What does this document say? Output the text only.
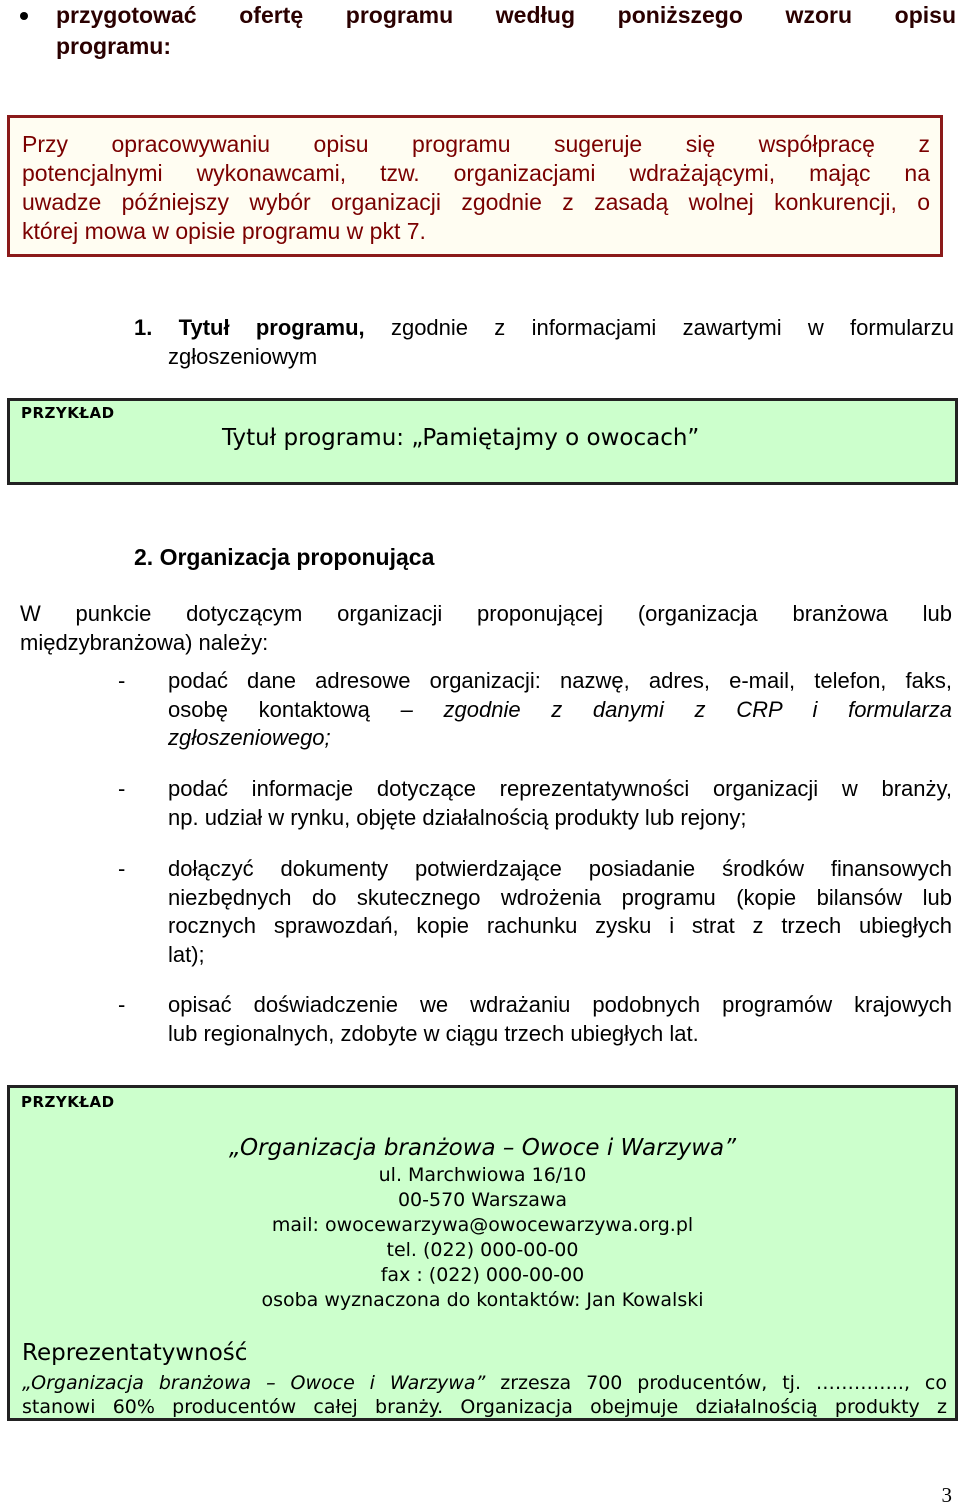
przygotować ofertę programu według poniższego wzoru opisu
programu:
Przy opracowywaniu opisu programu sugeruje się współpracę z
potencjalnymi wykonawcami, tzw. organizacjami wdrażającymi, mając na
uwadze późniejszy wybór organizacji zgodnie z zasadą wolnej konkurencji, o
której mowa w opisie programu w pkt 7.
1. Tytuł programu, zgodnie z informacjami zawartymi w formularzu
zgłoszeniowym
PRZYKŁAD
Tytuł programu: „Pamiętajmy o owocach”
2. Organizacja proponująca
W punkcie dotyczącym organizacji proponującej (organizacja branżowa lub
międzybranżowa) należy:
- podać dane adresowe organizacji: nazwę, adres, e-mail, telefon, faks,
osobę kontaktową – zgodnie z danymi z CRP i formularza
zgłoszeniowego;
- podać informacje dotyczące reprezentatywności organizacji w branży,
np. udział w rynku, objęte działalnością produkty lub rejony;
- dołączyć dokumenty potwierdzające posiadanie środków finansowych
niezbędnych do skutecznego wdrożenia programu (kopie bilansów lub
rocznych sprawozdań, kopie rachunku zysku i strat z trzech ubiegłych
lat);
- opisać doświadczenie we wdrażaniu podobnych programów krajowych
lub regionalnych, zdobyte w ciągu trzech ubiegłych lat.
PRZYKŁAD
„Organizacja branżowa – Owoce i Warzywa”
ul. Marchwiowa 16/10
00-570 Warszawa
mail: owocewarzywa@owocewarzywa.org.pl
tel. (022) 000-00-00
fax : (022) 000-00-00
osoba wyznaczona do kontaktów: Jan Kowalski
Reprezentatywność
„Organizacja branżowa – Owoce i Warzywa” zrzesza 700 producentów, tj. ………….., co
stanowi 60% producentów całej branży. Organizacja obejmuje działalnością produkty z
3
